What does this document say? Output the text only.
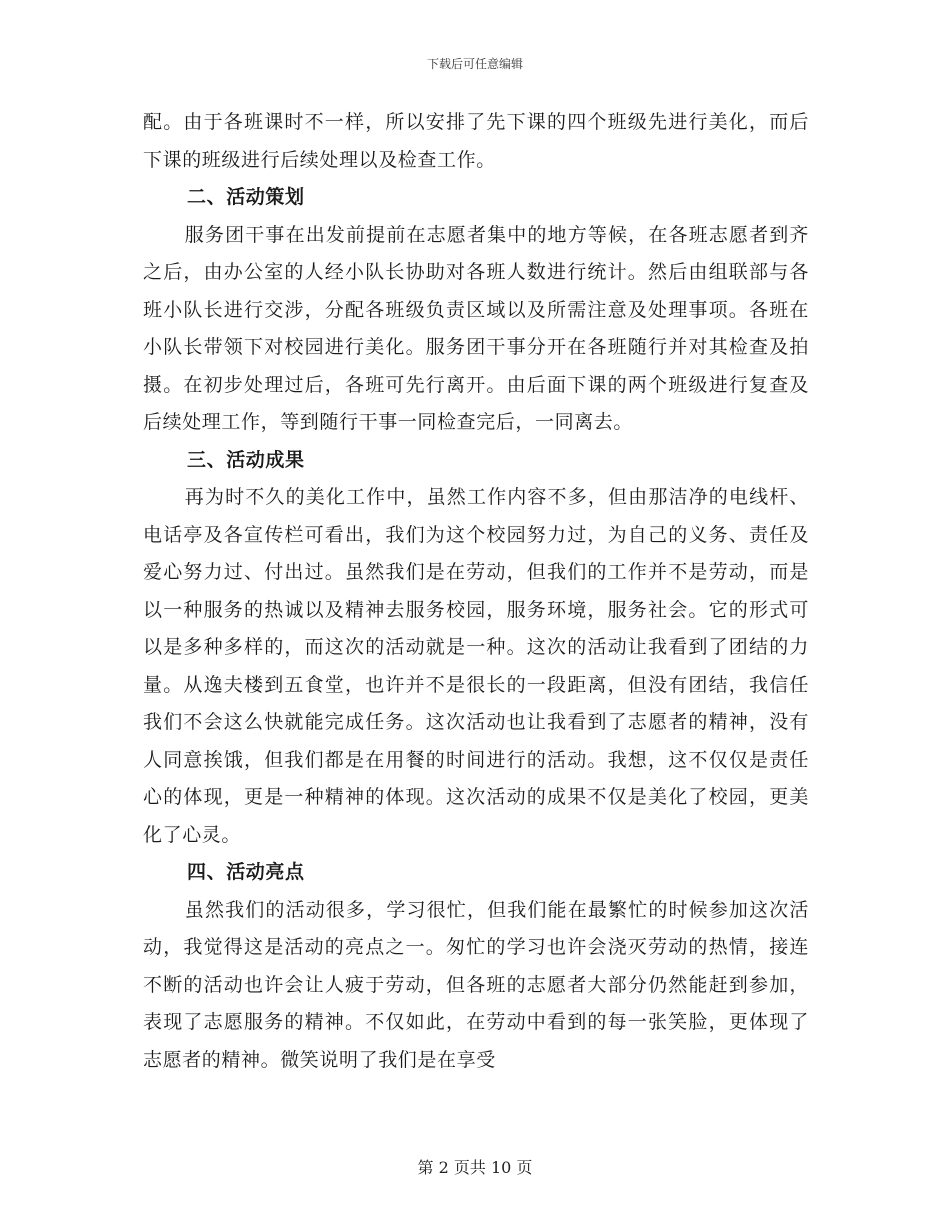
下载后可任意编辑

配。由于各班课时不一样，所以安排了先下课的四个班级先进行美化，而后下课的班级进行后续处理以及检查工作。

二、活动策划

服务团干事在出发前提前在志愿者集中的地方等候，在各班志愿者到齐之后，由办公室的人经小队长协助对各班人数进行统计。然后由组联部与各班小队长进行交涉，分配各班级负责区域以及所需注意及处理事项。各班在小队长带领下对校园进行美化。服务团干事分开在各班随行并对其检查及拍摄。在初步处理过后，各班可先行离开。由后面下课的两个班级进行复查及后续处理工作，等到随行干事一同检查完后，一同离去。

三、活动成果

再为时不久的美化工作中，虽然工作内容不多，但由那洁净的电线杆、电话亭及各宣传栏可看出，我们为这个校园努力过，为自己的义务、责任及爱心努力过、付出过。虽然我们是在劳动，但我们的工作并不是劳动，而是以一种服务的热诚以及精神去服务校园，服务环境，服务社会。它的形式可以是多种多样的，而这次的活动就是一种。这次的活动让我看到了团结的力量。从逸夫楼到五食堂，也许并不是很长的一段距离，但没有团结，我信任我们不会这么快就能完成任务。这次活动也让我看到了志愿者的精神，没有人同意挨饿，但我们都是在用餐的时间进行的活动。我想，这不仅仅是责任心的体现，更是一种精神的体现。这次活动的成果不仅是美化了校园，更美化了心灵。

四、活动亮点

虽然我们的活动很多，学习很忙，但我们能在最繁忙的时候参加这次活动，我觉得这是活动的亮点之一。匆忙的学习也许会浇灭劳动的热情，接连不断的活动也许会让人疲于劳动，但各班的志愿者大部分仍然能赶到参加，表现了志愿服务的精神。不仅如此，在劳动中看到的每一张笑脸，更体现了志愿者的精神。微笑说明了我们是在享受

第 2 页共 10 页
